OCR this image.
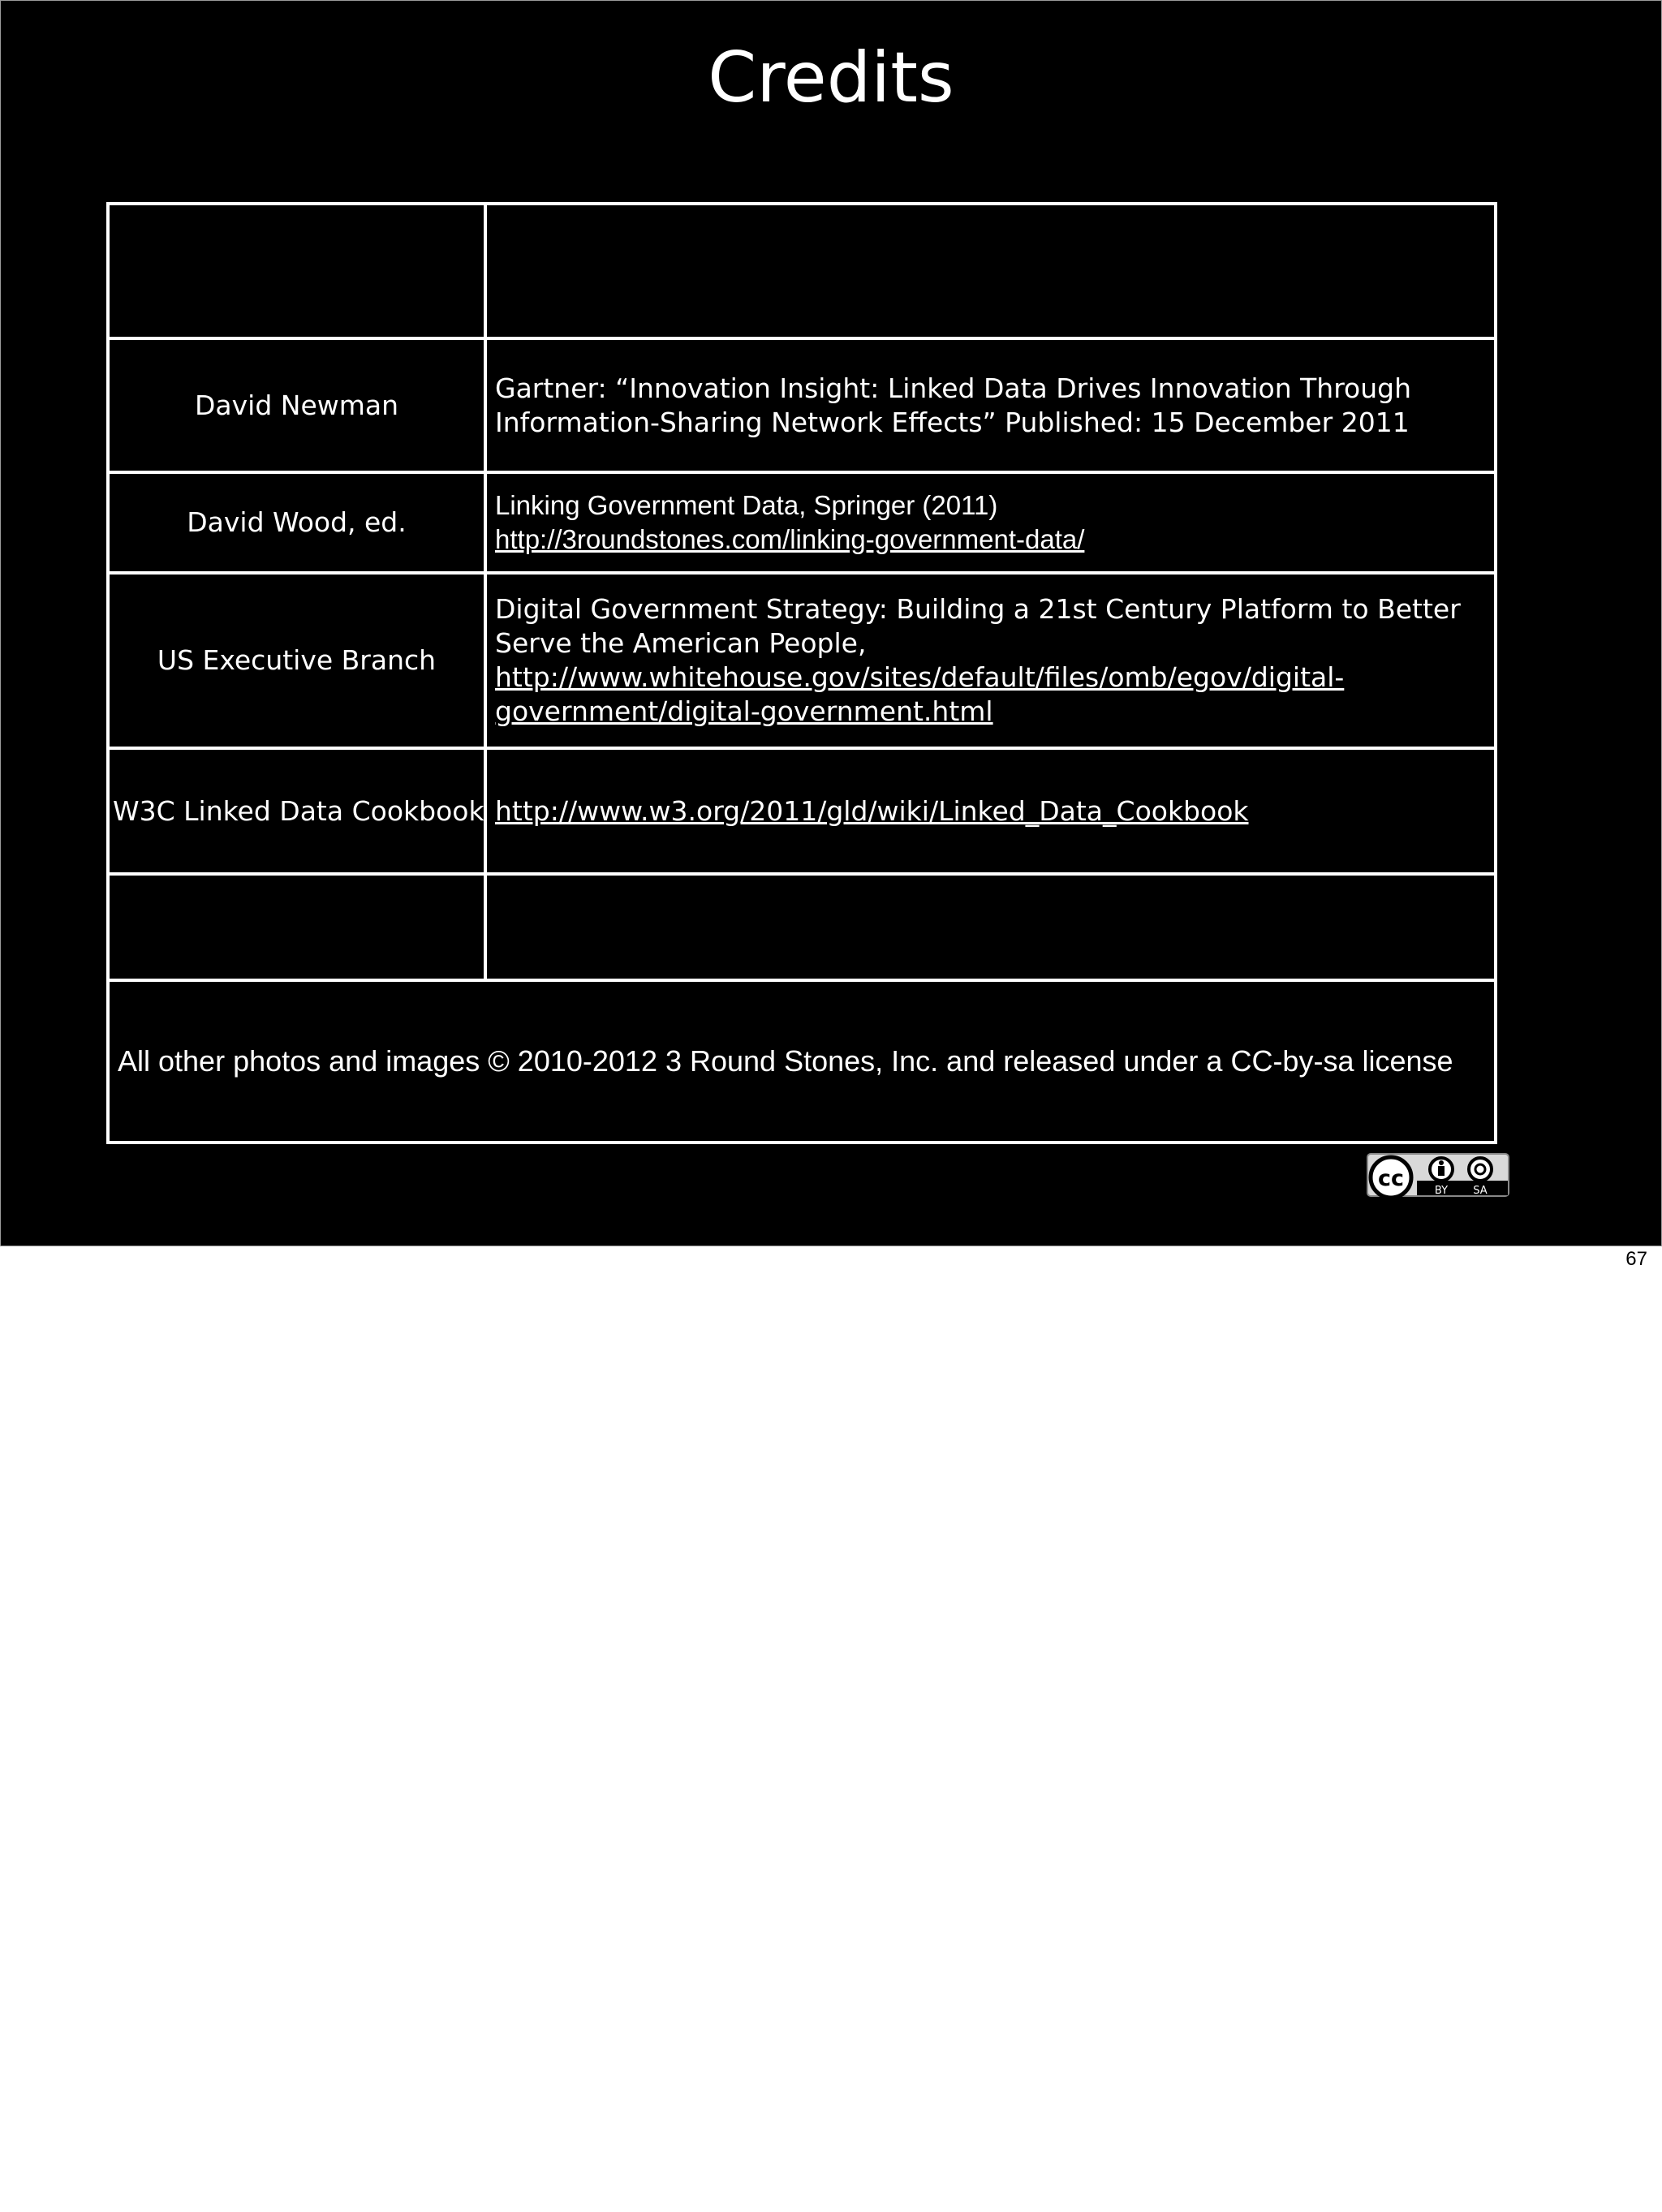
Credits

David Newman	Gartner: “Innovation Insight: Linked Data Drives Innovation Through Information-Sharing Network Effects” Published: 15 December 2011
David Wood, ed.	Linking Government Data, Springer (2011)
http://3roundstones.com/linking-government-data/
US Executive Branch	Digital Government Strategy: Building a 21st Century Platform to Better Serve the American People,
http://www.whitehouse.gov/sites/default/files/omb/egov/digital-government/digital-government.html
W3C Linked Data Cookbook	http://www.w3.org/2011/gld/wiki/Linked_Data_Cookbook

All other photos and images © 2010-2012 3 Round Stones, Inc. and released under a CC-by-sa license	
cc	BY SA
67
